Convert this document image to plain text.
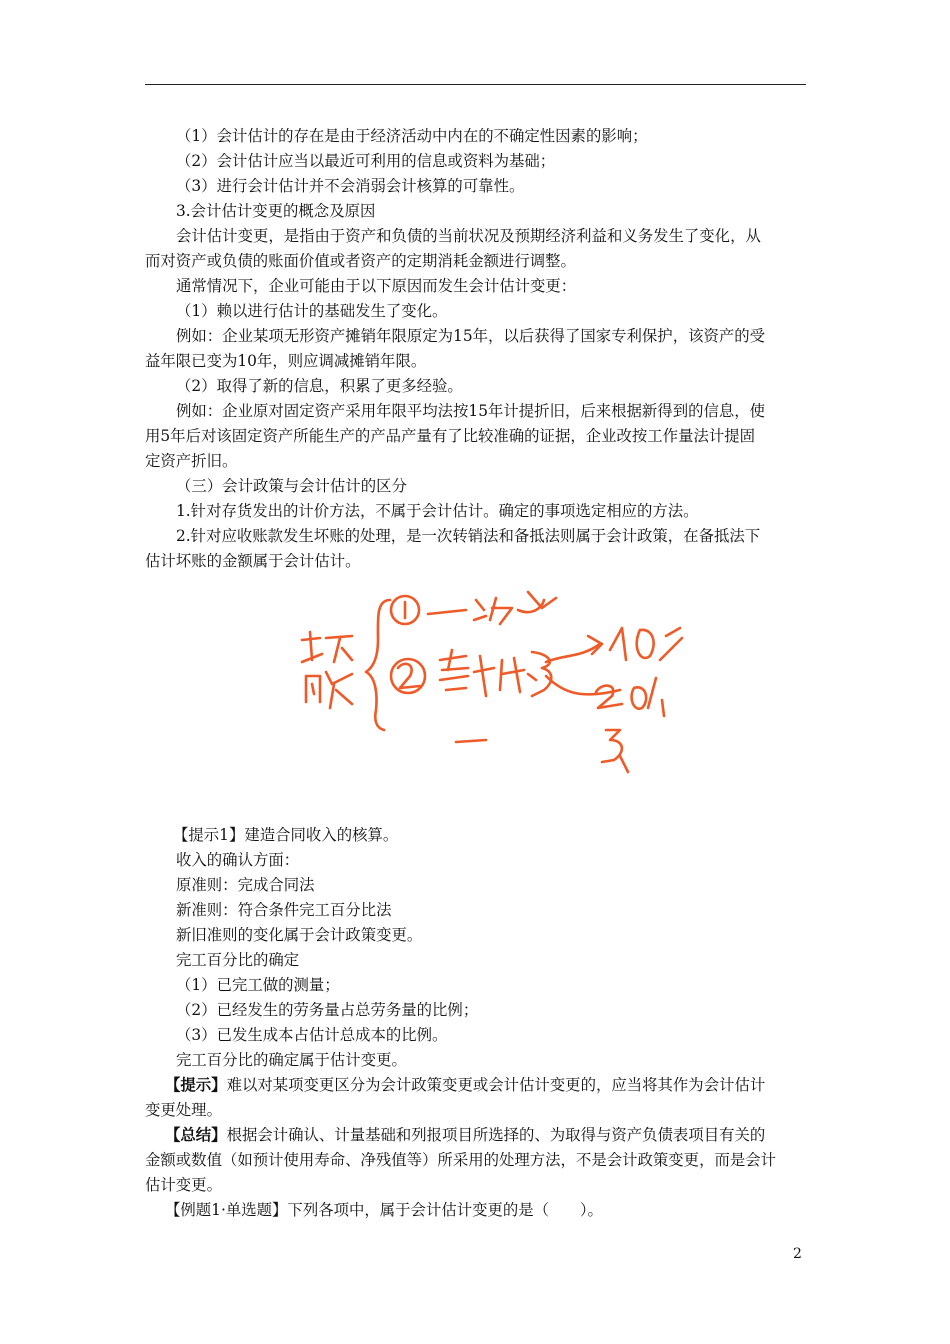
（1）会计估计的存在是由于经济活动中内在的不确定性因素的影响；
（2）会计估计应当以最近可利用的信息或资料为基础；
（3）进行会计估计并不会消弱会计核算的可靠性。
3.会计估计变更的概念及原因
会计估计变更，是指由于资产和负债的当前状况及预期经济利益和义务发生了变化，从
而对资产或负债的账面价值或者资产的定期消耗金额进行调整。
通常情况下，企业可能由于以下原因而发生会计估计变更：
（1）赖以进行估计的基础发生了变化。
例如：企业某项无形资产摊销年限原定为15年，以后获得了国家专利保护，该资产的受
益年限已变为10年，则应调减摊销年限。
（2）取得了新的信息，积累了更多经验。
例如：企业原对固定资产采用年限平均法按15年计提折旧，后来根据新得到的信息，使
用5年后对该固定资产所能生产的产品产量有了比较准确的证据，企业改按工作量法计提固
定资产折旧。
（三）会计政策与会计估计的区分
1.针对存货发出的计价方法，不属于会计估计。确定的事项选定相应的方法。
2.针对应收账款发生坏账的处理，是一次转销法和备抵法则属于会计政策，在备抵法下
估计坏账的金额属于会计估计。
【提示1】建造合同收入的核算。
收入的确认方面：
原准则：完成合同法
新准则：符合条件完工百分比法
新旧准则的变化属于会计政策变更。
完工百分比的确定
（1）已完工做的测量；
（2）已经发生的劳务量占总劳务量的比例；
（3）已发生成本占估计总成本的比例。
完工百分比的确定属于估计变更。
【提示】难以对某项变更区分为会计政策变更或会计估计变更的，应当将其作为会计估计
变更处理。
【总结】根据会计确认、计量基础和列报项目所选择的、为取得与资产负债表项目有关的
金额或数值（如预计使用寿命、净残值等）所采用的处理方法，不是会计政策变更，而是会计
估计变更。
【例题1·单选题】下列各项中，属于会计估计变更的是（　　）。
2
